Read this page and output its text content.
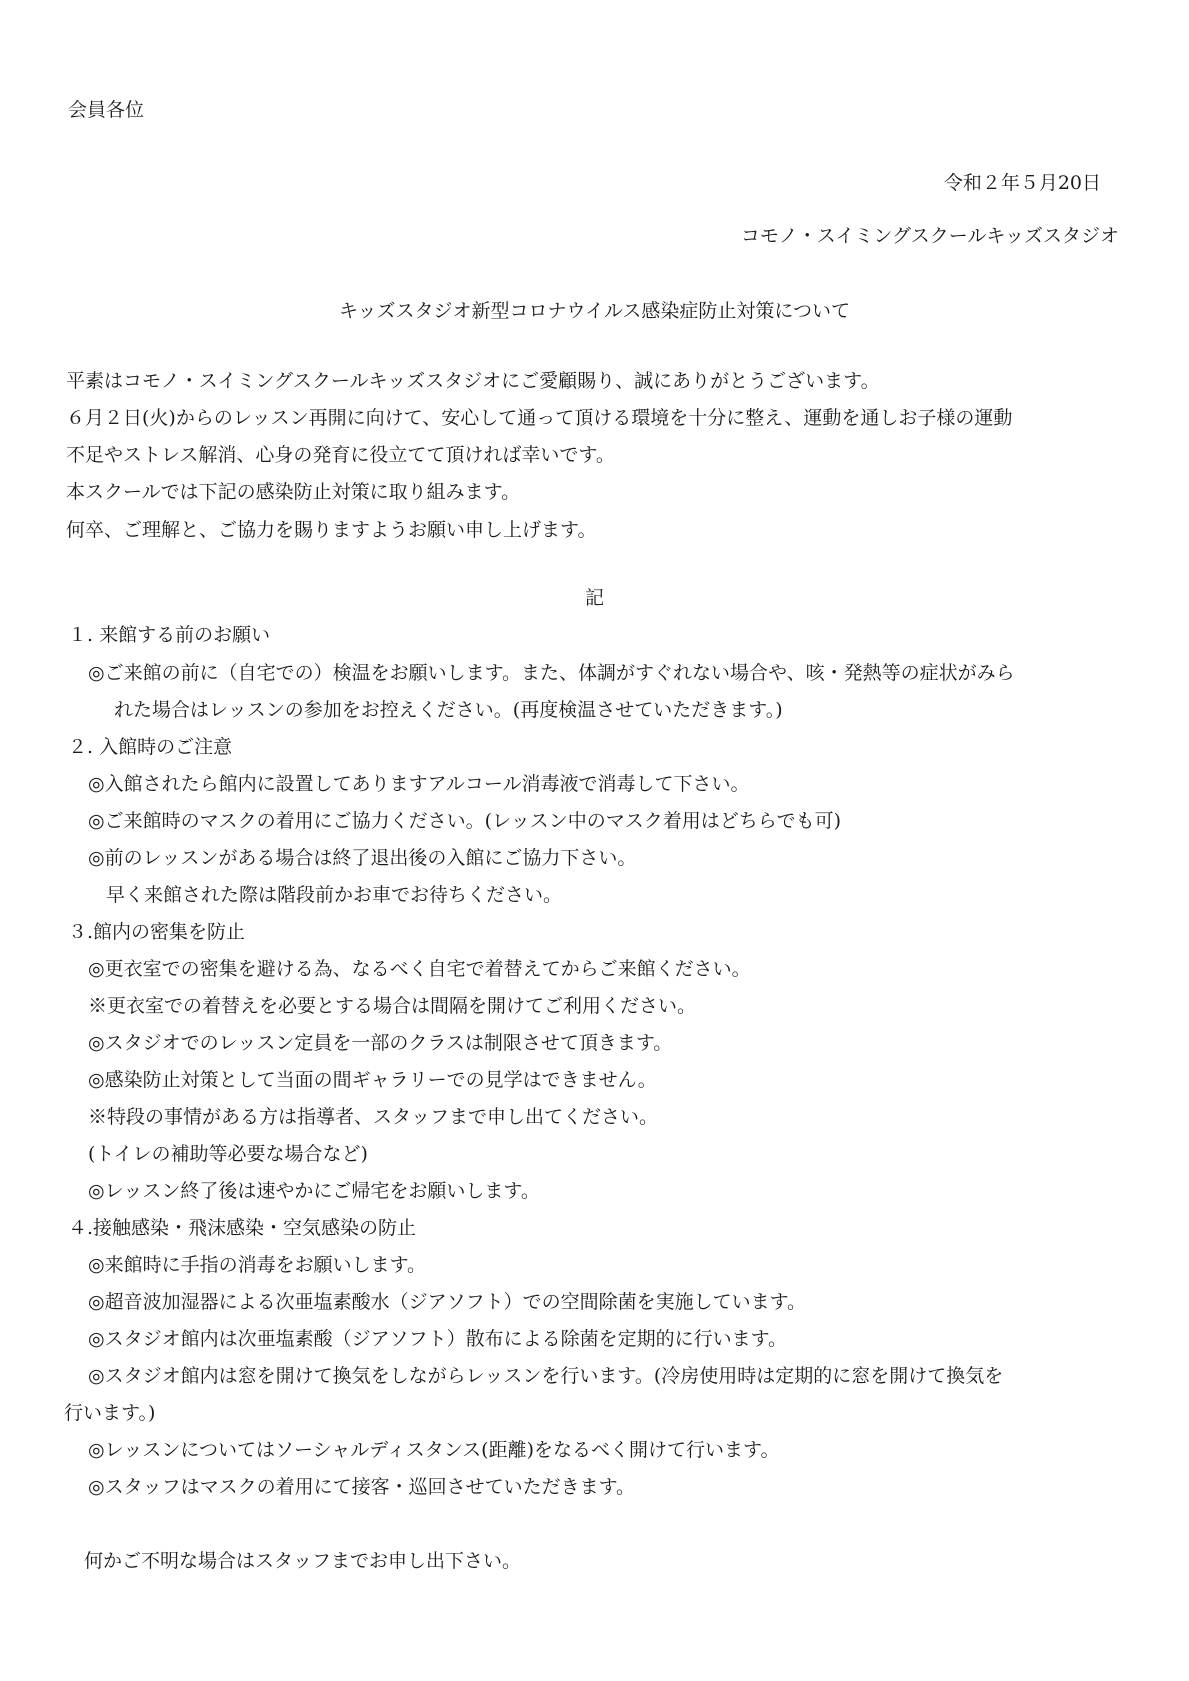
会員各位
令和２年５月20日
コモノ・スイミングスクールキッズスタジオ
キッズスタジオ新型コロナウイルス感染症防止対策について
平素はコモノ・スイミングスクールキッズスタジオにご愛顧賜り、誠にありがとうございます。
６月２日(火)からのレッスン再開に向けて、安心して通って頂ける環境を十分に整え、運動を通しお子様の運動
不足やストレス解消、心身の発育に役立てて頂ければ幸いです。
本スクールでは下記の感染防止対策に取り組みます。
何卒、ご理解と、ご協力を賜りますようお願い申し上げます。
記
１. 来館する前のお願い
◎ご来館の前に（自宅での）検温をお願いします。また、体調がすぐれない場合や、咳・発熱等の症状がみら
れた場合はレッスンの参加をお控えください。(再度検温させていただきます。)
２. 入館時のご注意
◎入館されたら館内に設置してありますアルコール消毒液で消毒して下さい。
◎ご来館時のマスクの着用にご協力ください。(レッスン中のマスク着用はどちらでも可)
◎前のレッスンがある場合は終了退出後の入館にご協力下さい。
早く来館された際は階段前かお車でお待ちください。
３.館内の密集を防止
◎更衣室での密集を避ける為、なるべく自宅で着替えてからご来館ください。
※更衣室での着替えを必要とする場合は間隔を開けてご利用ください。
◎スタジオでのレッスン定員を一部のクラスは制限させて頂きます。
◎感染防止対策として当面の間ギャラリーでの見学はできません。
※特段の事情がある方は指導者、スタッフまで申し出てください。
(トイレの補助等必要な場合など)
◎レッスン終了後は速やかにご帰宅をお願いします。
４.接触感染・飛沫感染・空気感染の防止
◎来館時に手指の消毒をお願いします。
◎超音波加湿器による次亜塩素酸水（ジアソフト）での空間除菌を実施しています。
◎スタジオ館内は次亜塩素酸（ジアソフト）散布による除菌を定期的に行います。
◎スタジオ館内は窓を開けて換気をしながらレッスンを行います。(冷房使用時は定期的に窓を開けて換気を
行います。)
◎レッスンについてはソーシャルディスタンス(距離)をなるべく開けて行います。
◎スタッフはマスクの着用にて接客・巡回させていただきます。
何かご不明な場合はスタッフまでお申し出下さい。
